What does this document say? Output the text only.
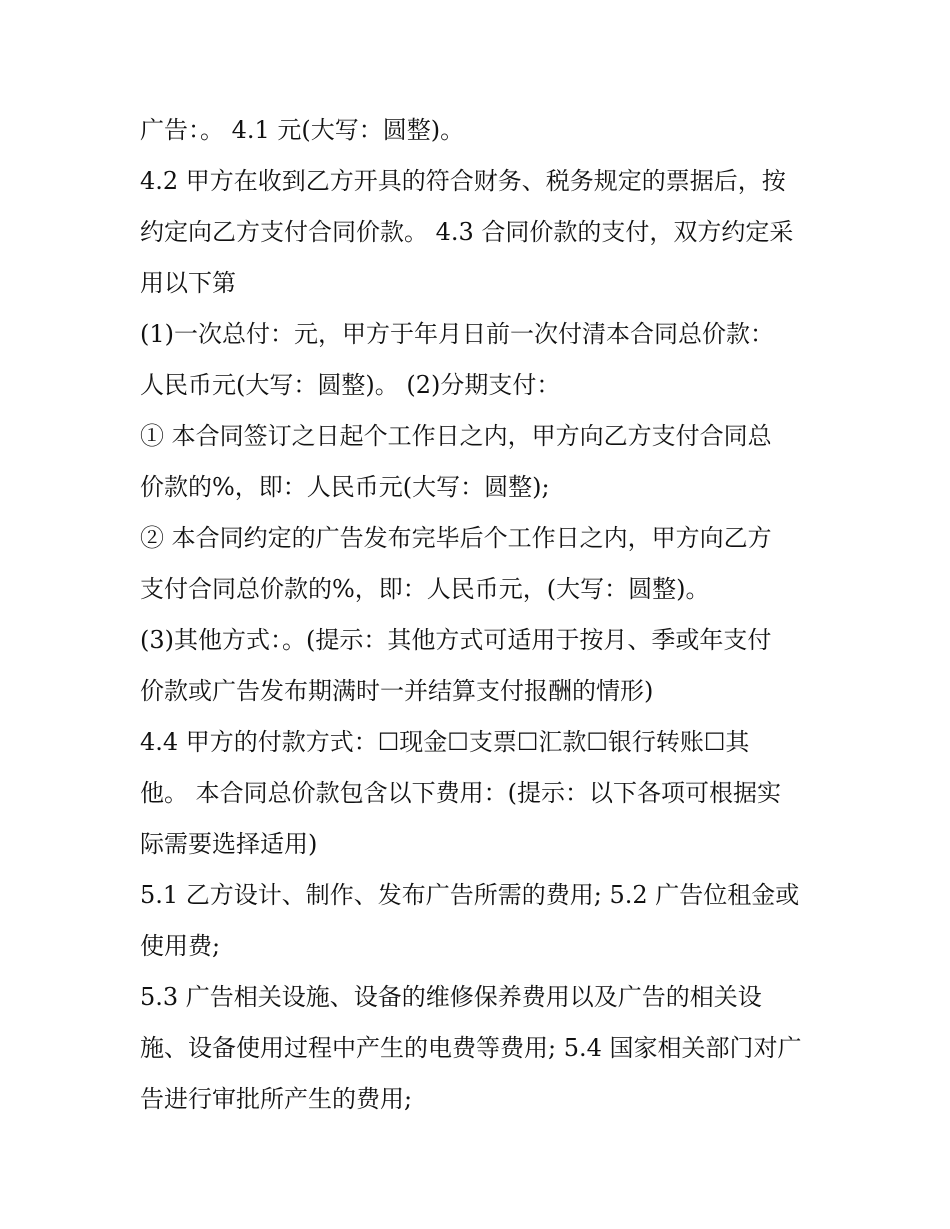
广告：。 4.1 元(大写：圆整)。

4.2 甲方在收到乙方开具的符合财务、税务规定的票据后，按

约定向乙方支付合同价款。 4.3 合同价款的支付，双方约定采

用以下第

(1)一次总付：元，甲方于年月日前一次付清本合同总价款：

人民币元(大写：圆整)。 (2)分期支付：

① 本合同签订之日起个工作日之内，甲方向乙方支付合同总

价款的%，即：人民币元(大写：圆整);

② 本合同约定的广告发布完毕后个工作日之内，甲方向乙方

支付合同总价款的%，即：人民币元，(大写：圆整)。

(3)其他方式：。(提示：其他方式可适用于按月、季或年支付

价款或广告发布期满时一并结算支付报酬的情形)

4.4 甲方的付款方式：☐现金☐支票☐汇款☐银行转账☐其

他。 本合同总价款包含以下费用：(提示：以下各项可根据实

际需要选择适用)

5.1 乙方设计、制作、发布广告所需的费用; 5.2 广告位租金或

使用费;

5.3 广告相关设施、设备的维修保养费用以及广告的相关设

施、设备使用过程中产生的电费等费用; 5.4 国家相关部门对广

告进行审批所产生的费用;
